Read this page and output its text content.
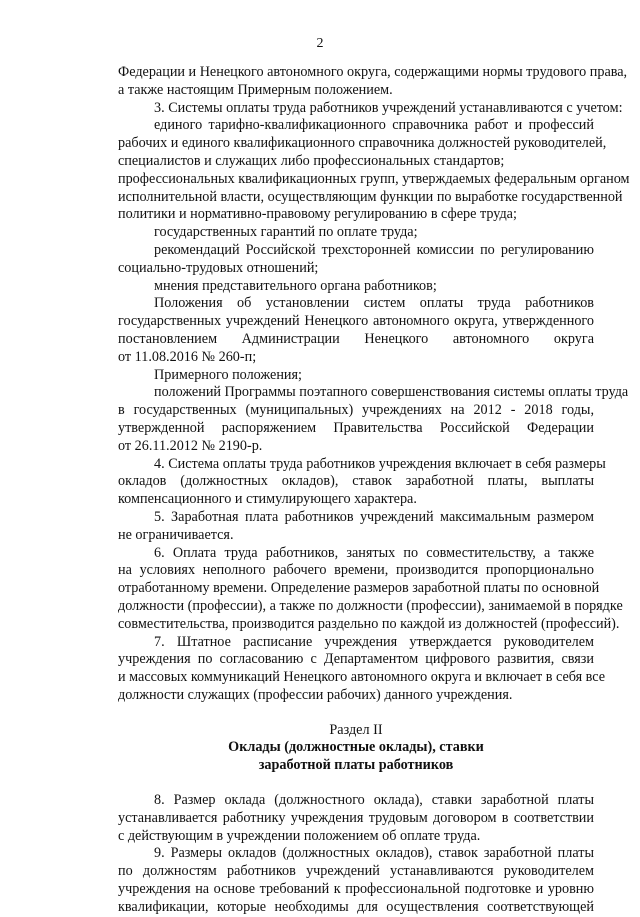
2
Федерации и Ненецкого автономного округа, содержащими нормы трудового права,
а также настоящим Примерным положением.
3. Системы оплаты труда работников учреждений устанавливаются с учетом:
единого тарифно-квалификационного справочника работ и профессий
рабочих и единого квалификационного справочника должностей руководителей,
специалистов и служащих либо профессиональных стандартов;
профессиональных квалификационных групп, утверждаемых федеральным органом
исполнительной власти, осуществляющим функции по выработке государственной
политики и нормативно-правовому регулированию в сфере труда;
государственных гарантий по оплате труда;
рекомендаций Российской трехсторонней комиссии по регулированию
социально-трудовых отношений;
мнения представительного органа работников;
Положения об установлении систем оплаты труда работников
государственных учреждений Ненецкого автономного округа, утвержденного
постановлением Администрации Ненецкого автономного округа
от 11.08.2016 № 260-п;
Примерного положения;
положений Программы поэтапного совершенствования системы оплаты труда
в государственных (муниципальных) учреждениях на 2012 - 2018 годы,
утвержденной распоряжением Правительства Российской Федерации
от 26.11.2012 № 2190-р.
4. Система оплаты труда работников учреждения включает в себя размеры
окладов (должностных окладов), ставок заработной платы, выплаты
компенсационного и стимулирующего характера.
5. Заработная плата работников учреждений максимальным размером
не ограничивается.
6. Оплата труда работников, занятых по совместительству, а также
на условиях неполного рабочего времени, производится пропорционально
отработанному времени. Определение размеров заработной платы по основной
должности (профессии), а также по должности (профессии), занимаемой в порядке
совместительства, производится раздельно по каждой из должностей (профессий).
7. Штатное расписание учреждения утверждается руководителем
учреждения по согласованию с Департаментом цифрового развития, связи
и массовых коммуникаций Ненецкого автономного округа и включает в себя все
должности служащих (профессии рабочих) данного учреждения.
Раздел II
Оклады (должностные оклады), ставки
заработной платы работников
8. Размер оклада (должностного оклада), ставки заработной платы
устанавливается работнику учреждения трудовым договором в соответствии
с действующим в учреждении положением об оплате труда.
9. Размеры окладов (должностных окладов), ставок заработной платы
по должностям работников учреждений устанавливаются руководителем
учреждения на основе требований к профессиональной подготовке и уровню
квалификации, которые необходимы для осуществления соответствующей
